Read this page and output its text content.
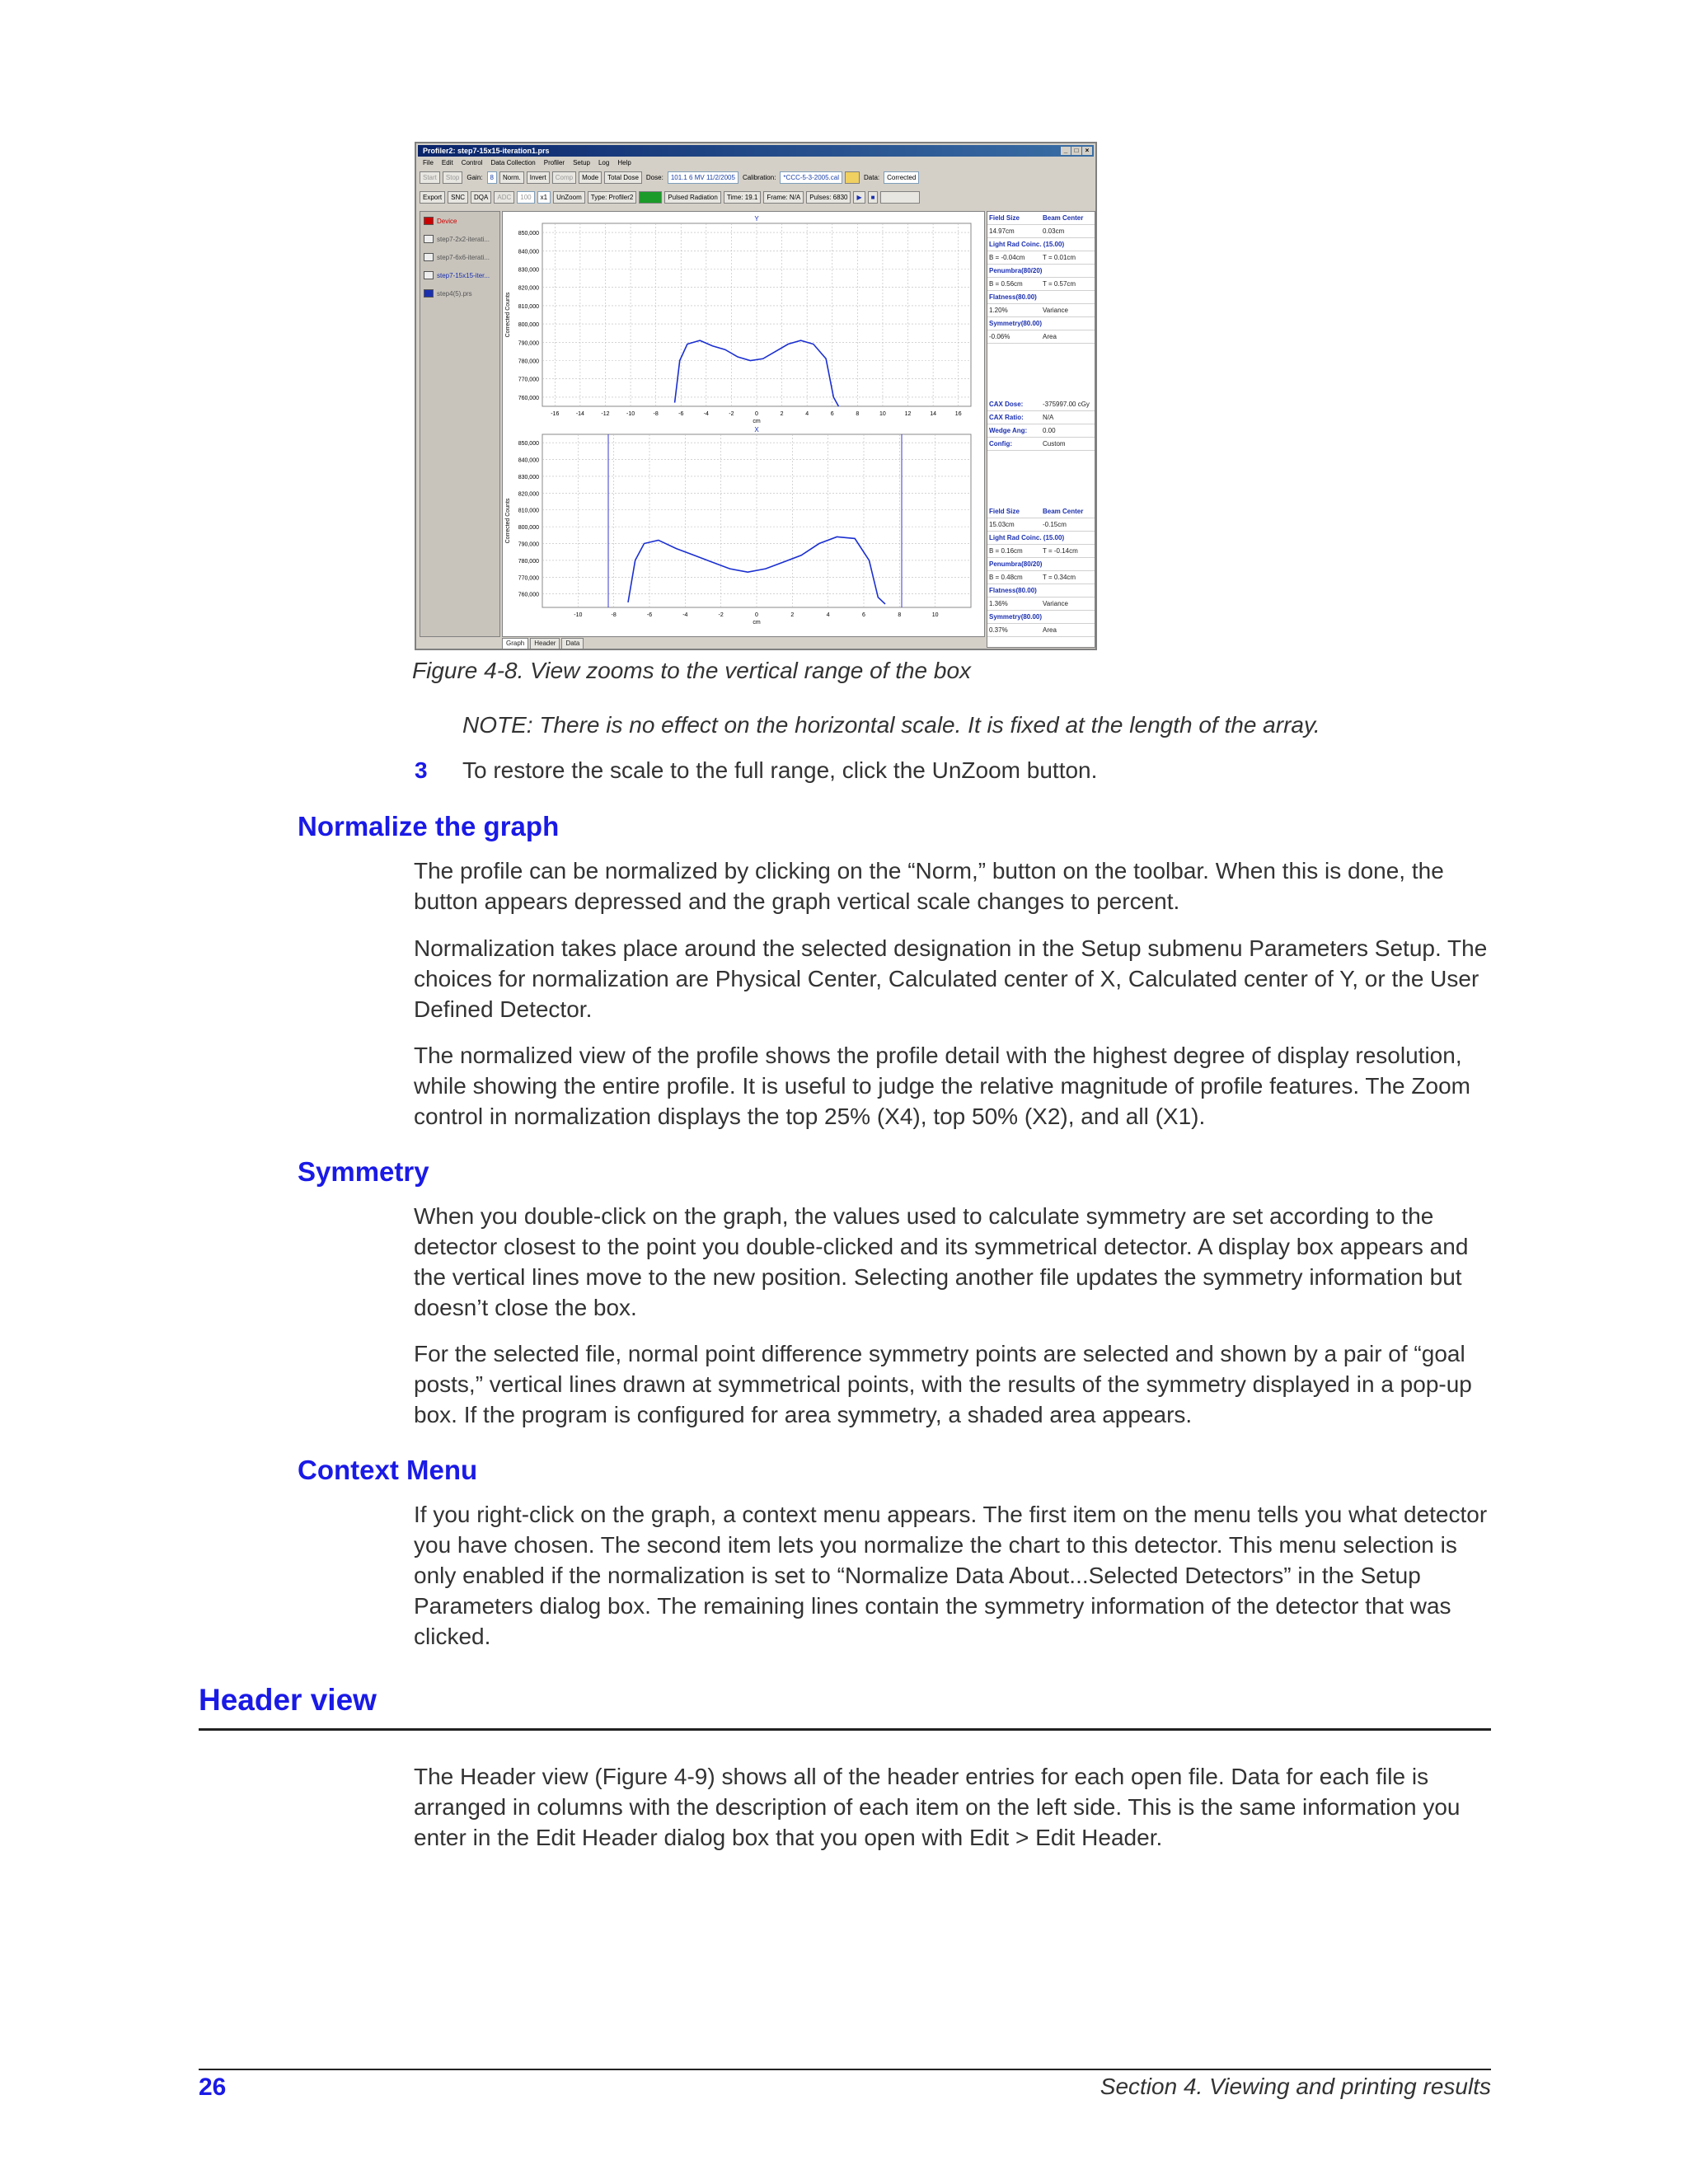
Profiler2: step7-15x15-iteration1.prs	_	□	×
File Edit Control Data Collection Profiler Setup Log Help
Start	Stop	Gain:	8	Norm.	Invert	Comp	Mode	Total Dose	Dose:	101.1 6 MV 11/2/2005	Calibration:	*CCC-5-3-2005.cal	Data:	Corrected
Export	SNC	DQA	ADC	100	x1	UnZoom	Type: Profiler2	Pulsed Radiation	Time: 19.1	Frame: N/A	Pulses: 6830	▶	■
Device
step7-2x2-iterati...
step7-6x6-iterati...
step7-15x15-iter...
step4(5).prs
Y
850,000
840,000
830,000
820,000
810,000
800,000
790,000
780,000
770,000
760,000
-16	-14	-12	-10	-8	-6	-4	-2	0	2	4	6	8	10	12	14	16
cm
Corrected Counts
X
850,000
840,000
830,000
820,000
810,000
800,000
790,000
780,000
770,000
760,000
-10	-8	-6	-4	-2	0	2	4	6	8	10
cm
Corrected Counts
Field Size	Beam Center
14.97cm	0.03cm
Light Rad Coinc. (15.00)
B = -0.04cm	T = 0.01cm
Penumbra(80/20)
B = 0.56cm	T = 0.57cm
Flatness(80.00)
1.20%	Variance
Symmetry(80.00)
-0.06%	Area
CAX Dose:	-375997.00 cGy
CAX Ratio:	N/A
Wedge Ang:	0.00
Config:	Custom
Field Size	Beam Center
15.03cm	-0.15cm
Light Rad Coinc. (15.00)
B = 0.16cm	T = -0.14cm
Penumbra(80/20)
B = 0.48cm	T = 0.34cm
Flatness(80.00)
1.36%	Variance
Symmetry(80.00)
0.37%	Area
Graph	Header	Data
Figure 4-8. View zooms to the vertical range of the box
NOTE: There is no effect on the horizontal scale. It is fixed at the length of the array.
3 To restore the scale to the full range, click the UnZoom button.
Normalize the graph
The profile can be normalized by clicking on the “Norm,” button on the toolbar. When this is done, the button appears depressed and the graph vertical scale changes to percent.
Normalization takes place around the selected designation in the Setup submenu Parameters Setup. The choices for normalization are Physical Center, Calculated center of X, Calculated center of Y, or the User Defined Detector.
The normalized view of the profile shows the profile detail with the highest degree of display resolution, while showing the entire profile. It is useful to judge the relative magnitude of profile features. The Zoom control in normalization displays the top 25% (X4), top 50% (X2), and all (X1).
Symmetry
When you double-click on the graph, the values used to calculate symmetry are set according to the detector closest to the point you double-clicked and its symmetrical detector. A display box appears and the vertical lines move to the new position. Selecting another file updates the symmetry information but doesn’t close the box.
For the selected file, normal point difference symmetry points are selected and shown by a pair of “goal posts,” vertical lines drawn at symmetrical points, with the results of the symmetry displayed in a pop-up box. If the program is configured for area symmetry, a shaded area appears.
Context Menu
If you right-click on the graph, a context menu appears. The first item on the menu tells you what detector you have chosen. The second item lets you normalize the chart to this detector. This menu selection is only enabled if the normalization is set to “Normalize Data About...Selected Detectors” in the Setup Parameters dialog box. The remaining lines contain the symmetry information of the detector that was clicked.
Header view
The Header view (Figure 4-9) shows all of the header entries for each open file. Data for each file is arranged in columns with the description of each item on the left side. This is the same information you enter in the Edit Header dialog box that you open with Edit > Edit Header.
26	Section 4. Viewing and printing results
